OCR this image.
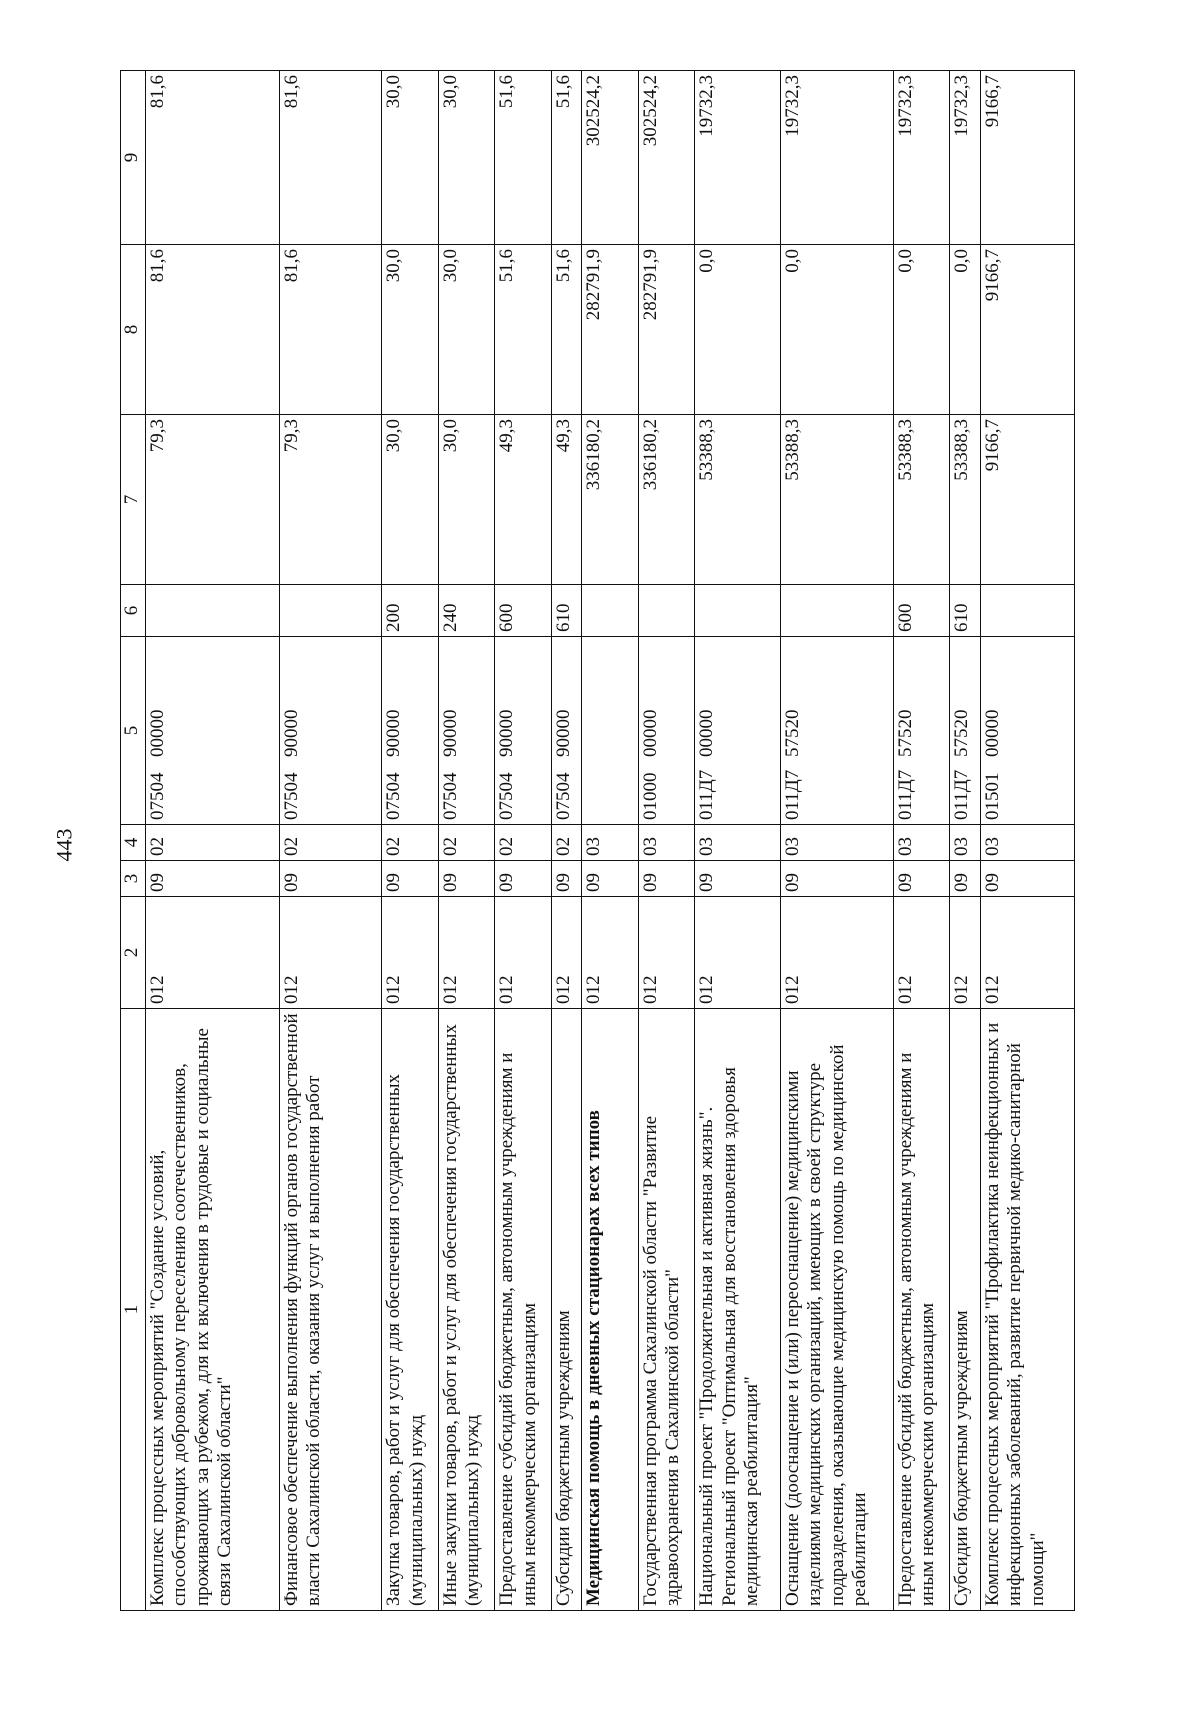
443
1	2	3	4	5	6	7	8	9
Комплекс процессных мероприятий "Создание условий, способствующих добровольному переселению соотечественников, проживающих за рубежом, для их включения в трудовые и социальные связи Сахалинской области"	012	09	02	0750400000		79,3	81,6	81,6
Финансовое обеспечение выполнения функций органов государственной власти Сахалинской области, оказания услуг и выполнения работ	012	09	02	0750490000		79,3	81,6	81,6
Закупка товаров, работ и услуг для обеспечения государственных (муниципальных) нужд	012	09	02	0750490000	200	30,0	30,0	30,0
Иные закупки товаров, работ и услуг для обеспечения государственных (муниципальных) нужд	012	09	02	0750490000	240	30,0	30,0	30,0
Предоставление субсидий бюджетным, автономным учреждениям и иным некоммерческим организациям	012	09	02	0750490000	600	49,3	51,6	51,6
Субсидии бюджетным учреждениям	012	09	02	0750490000	610	49,3	51,6	51,6
Медицинская помощь в дневных стационарах всех типов	012	09	03			336180,2	282791,9	302524,2
Государственная программа Сахалинской области "Развитие здравоохранения в Сахалинской области"	012	09	03	0100000000		336180,2	282791,9	302524,2
Национальный проект "Продолжительная и активная жизнь". Региональный проект "Оптимальная для восстановления здоровья медицинская реабилитация"	012	09	03	011Д700000		53388,3	0,0	19732,3
Оснащение (дооснащение и (или) переоснащение) медицинскими изделиями медицинских организаций, имеющих в своей структуре подразделения, оказывающие медицинскую помощь по медицинской реабилитации	012	09	03	011Д757520		53388,3	0,0	19732,3
Предоставление субсидий бюджетным, автономным учреждениям и иным некоммерческим организациям	012	09	03	011Д757520	600	53388,3	0,0	19732,3
Субсидии бюджетным учреждениям	012	09	03	011Д757520	610	53388,3	0,0	19732,3
Комплекс процессных мероприятий "Профилактика неинфекционных и инфекционных заболеваний, развитие первичной медико-санитарной помощи"	012	09	03	0150100000		9166,7	9166,7	9166,7
